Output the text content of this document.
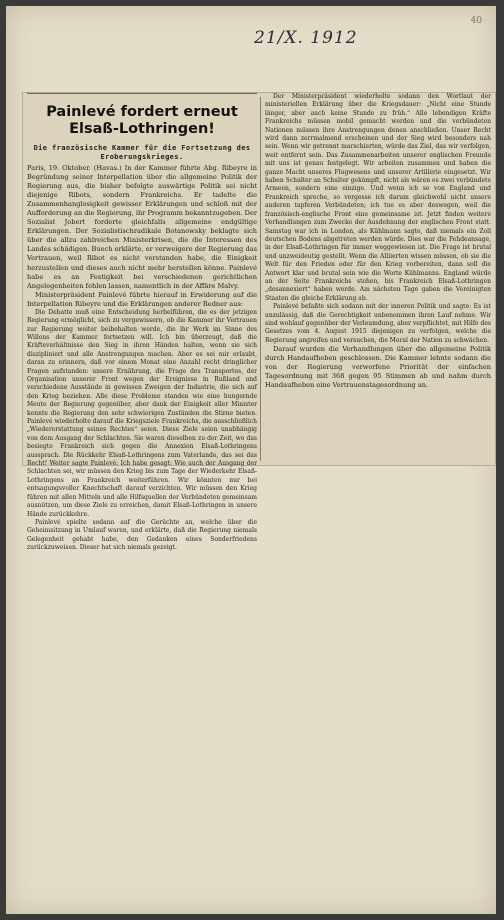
21/X. 1912
40
Painlevé fordert erneut Elsaß-Lothringen!
Die französische Kammer für die Fortsetzung des Eroberungskrieges.

Paris, 19. Oktober. (Havas.) In der Kammer führte Abg. Ribeyre in Begründung seiner Interpellation über die allgemeine Politik der Regierung aus, die bisher befolgte auswärtige Politik sei nicht diejenige Ribots, sondern Frankreichs. Er tadelte die Zusammenhanglosigkeit gewisser Erklärungen und schloß mit der Aufforderung an die Regierung, ihr Programm bekanntzugeben. Der Sozialist Jobert forderte gleichfalls allgemeine endgültige Erklärungen. Der Sozialistischradikale Botanowsky beklagte sich über die allzu zahlreichen Ministerkrisen, die die Interessen des Landes schädigen. Buech erklärte, er verweigere der Regierung das Vertrauen, weil Ribot es nicht verstanden habe, die Einigkeit herzustellen und dieses auch nicht mehr herstellen könne. Painlevé habe es an Festigkeit bei verschiedenen gerichtlichen Angelegenheiten fehlen lassen, namentlich in der Affäre Malvy.

Ministerpräsident Painlevé führte hierauf in Erwiderung auf die Interpellation Ribeyre und die Erklärungen anderer Redner aus:

Die Debatte muß eine Entscheidung herbeiführen, die es der jetzigen Regierung ermöglicht, sich zu vergewissern, ob die Kammer ihr Vertrauen zur Regierung weiter beibehalten werde, die ihr Werk im Sinne des Willens der Kammer fortsetzen will. Ich bin überzeugt, daß die Kräfteverhältnisse den Sieg in ihren Händen halten, wenn sie sich diszipliniert und alle Anstrengungen machen. Aber es sei mir erlaubt, daran zu erinnern, daß vor einem Monat eine Anzahl recht dringlicher Fragen aufstanden: unsere Ernährung, die Frage des Transportes, der Organisation unserer Front wegen der Ereignisse in Rußland und verschiedene Ausstände in gewissen Zweigen der Industrie, die sich auf den Krieg beziehen. Alle diese Probleme standen wie eine hungernde Meute der Regierung gegenüber, aber dank der Einigkeit aller Minister konnte die Regierung den sehr schwierigen Zuständen die Stirne bieten. Painlevé wiederholte darauf die Kriegsziele Frankreichs, die ausschließlich „Wiedererstattung seines Rechtes“ seien. Diese Ziele seien unabhängig von dem Ausgang der Schlachten. Sie waren dieselben zu der Zeit, wo das besiegte Frankreich sich gegen die Annexion Elsaß-Lothringens aussprach. Die Rückkehr Elsaß-Lothringens zum Vaterlande, das sei das Recht! Weiter sagte Painlevé: Ich habe gesagt: Wie auch der Ausgang der Schlachten sei, wir müssen den Krieg bis zum Tage der Wiederkehr Elsaß-Lothringens an Frankreich weiterführen. Wir könnten nur bei entsagungsvoller Knechtschaft darauf verzichten. Wir müssen den Krieg führen mit allen Mitteln und alle Hilfsquellen der Verbündeten gemeinsam ausnützen, um diese Ziele zu erreichen, damit Elsaß-Lothringen in unsere Hände zurückkehre.

Painlevé spielte sodann auf die Gerüchte an, welche über die Geheimsitzung in Umlauf waren, und erklärte, daß die Regierung niemals Gelegenheit gehabt habe, den Gedanken eines Sonderfriedens zurückzuweisen. Dieser hat sich niemals gezeigt.

Der Ministerpräsident wiederholte sodann den Wortlaut der ministeriellen Erklärung über die Kriegsdauer: „Nicht eine Stunde länger, aber auch keine Stunde zu früh.“ Alle lebendigen Kräfte Frankreichs müssen mobil gemacht werden und die verbündeten Nationen müssen ihre Anstrengungen denen anschließen. Unser Recht wird dann zerrmalmend erscheinen und der Sieg wird besonders nah sein. Wenn wir getrennt marschierten, würde das Ziel, das wir verfolgen, weit entfernt sein. Das Zusammenarbeiten unserer englischen Freunde mit uns ist genau festgelegt. Wir arbeiten zusammen und haben die ganze Macht unseres Flugwesens und unserer Artillerie eingesetzt. Wir haben Schulter an Schulter gekämpft, nicht als wären es zwei verbündete Armeen, sondern eine einzige. Und wenn ich so von England und Frankreich spreche, so vergesse ich darum gleichwohl nicht unsere anderen tapferen Verbündeten; ich tue es aber deswegen, weil die französisch-englische Front eine gemeinsame ist. Jetzt finden weitere Verhandlungen zum Zwecke der Ausdehnung der englischen Front statt. Samstag war ich in London, als Kühlmann sagte, daß niemals ein Zoll deutschen Bodens abgetreten werden würde. Dies war die Fehdeansage, in der Elsaß-Lothringen für immer weggewiesen ist. Die Frage ist brutal und unzweideutig gestellt. Wenn die Alliierten wissen müssen, ob sie die Welt für den Frieden oder für den Krieg vorbereiten, dann soll die Antwort klar und brutal sein wie die Worte Kühlmanns. England würde an der Seite Frankreichs stehen, bis Frankreich Elsaß-Lothringen „desannexiert“ haben werde. Am nächsten Tage gaben die Vereinigten Staaten die gleiche Erklärung ab.

Painlevé befaßte sich sodann mit der inneren Politik und sagte: Es ist unzulässig, daß die Gerechtigkeit unbenommen ihren Lauf nehme. Wir sind wohlauf gegenüber der Verleumdung, aber verpflichtet, mit Hilfe des Gesetzes vom 4. August 1915 diejenigen zu verfolgen, welche die Regierung angreifen und versuchen, die Moral der Nation zu schwächen.

Darauf wurden die Verhandlungen über die allgemeine Politik durch Handaufheben geschlossen. Die Kammer lehnte sodann die von der Regierung verworfene Priorität der einfachen Tagesordnung mit 368 gegen 95 Stimmen ab und nahm durch Handaufheben eine Vertrauenstagesordnung an.
